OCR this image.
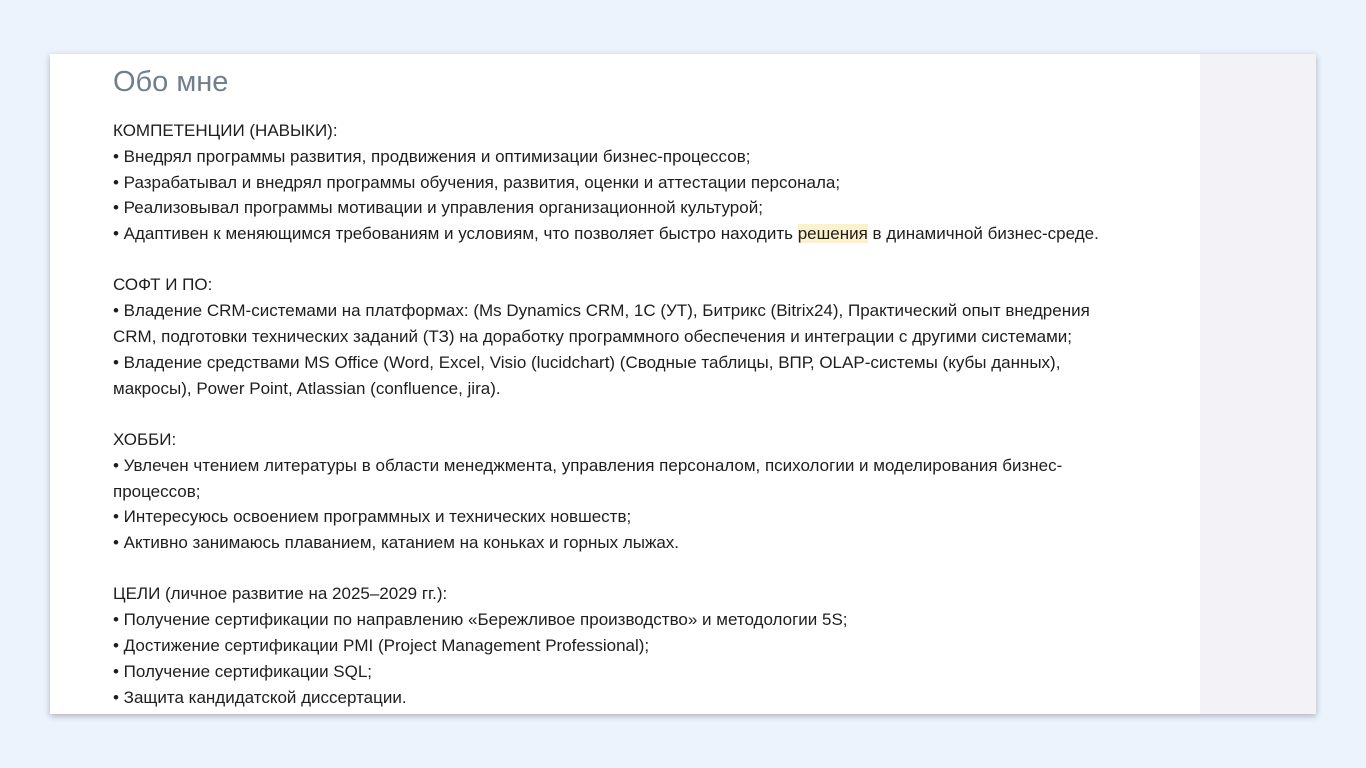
Обо мне
КОМПЕТЕНЦИИ (НАВЫКИ):
• Внедрял программы развития, продвижения и оптимизации бизнес-процессов;
• Разрабатывал и внедрял программы обучения, развития, оценки и аттестации персонала;
• Реализовывал программы мотивации и управления организационной культурой;
• Адаптивен к меняющимся требованиям и условиям, что позволяет быстро находить решения в динамичной бизнес-среде.
СОФТ И ПО:
• Владение CRM-системами на платформах: (Ms Dynamics CRM, 1С (УТ), Битрикс (Bitrix24), Практический опыт внедрения
CRM, подготовки технических заданий (ТЗ) на доработку программного обеспечения и интеграции с другими системами;
• Владение средствами MS Office (Word, Excel, Visio (lucidchart) (Сводные таблицы, ВПР, OLAP-системы (кубы данных),
макросы), Power Point, Atlassian (confluence, jira).
ХОББИ:
• Увлечен чтением литературы в области менеджмента, управления персоналом, психологии и моделирования бизнес-
процессов;
• Интересуюсь освоением программных и технических новшеств;
• Активно занимаюсь плаванием, катанием на коньках и горных лыжах.
ЦЕЛИ (личное развитие на 2025–2029 гг.):
• Получение сертификации по направлению «Бережливое производство» и методологии 5S;
• Достижение сертификации PMI (Project Management Professional);
• Получение сертификации SQL;
• Защита кандидатской диссертации.
